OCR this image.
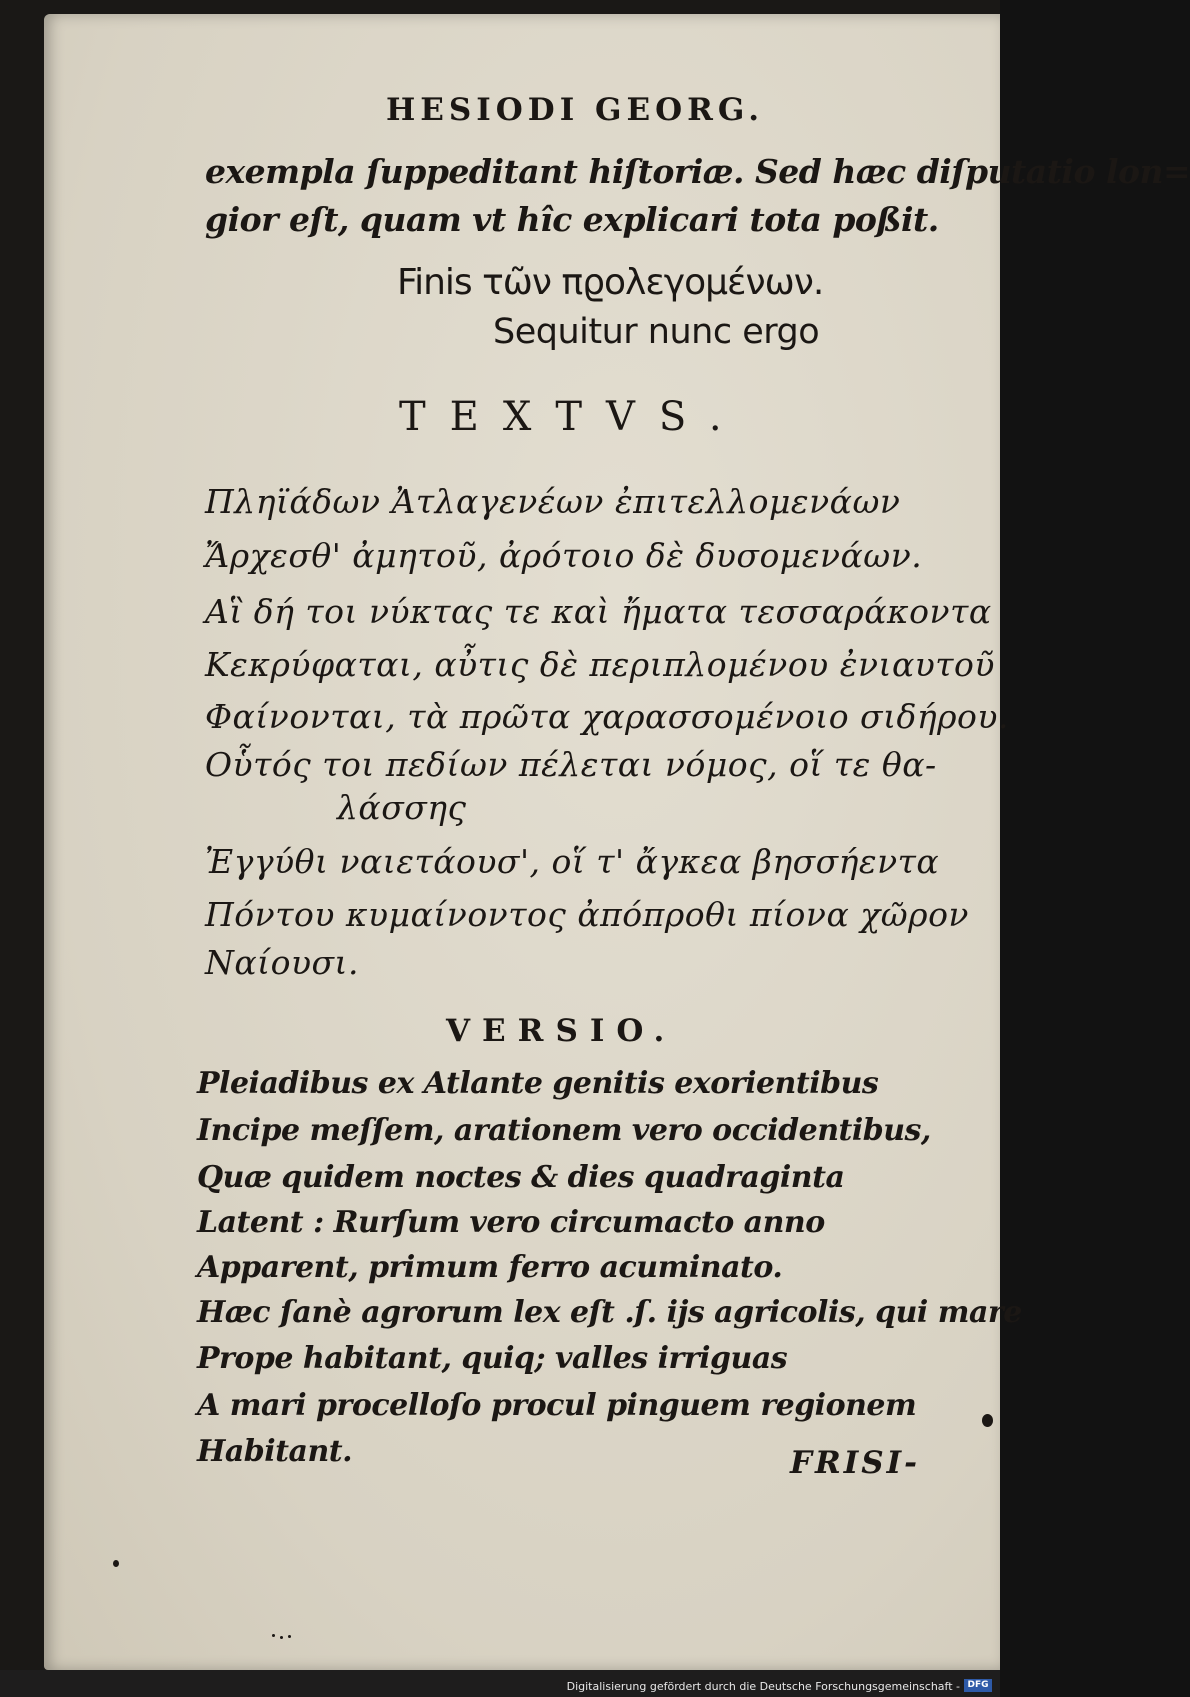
HESIODI GEORG.
exempla ſuppeditant hiſtoriæ. Sed hæc diſputatio lon=
gior eſt, quam vt hîc explicari tota poßit.
Finis τῶν πϱολεγομένων.
Sequitur nunc ergo
TEXTVS.
Πληϊάδων Ἀτλαγενέων ἐπιτελλομενάων
Ἄρχεσθ' ἀμητοῦ, ἀρότοιο δὲ δυσομενάων.
Αἳ δή τοι νύκτας τε καὶ ἤματα τεσσαράκοντα
Κεκρύφαται, αὖτις δὲ περιπλομένου ἐνιαυτοῦ
Φαίνονται, τὰ πρῶτα χαρασσομένοιο σιδήρου.
Οὗτός τοι πεδίων πέλεται νόμος, οἵ τε θα-
λάσσης
Ἐγγύθι ναιετάουσ', οἵ τ' ἄγκεα βησσήεντα
Πόντου κυμαίνοντος ἀπόπροθι πίονα χῶρον
Ναίουσι.
VERSIO.
Pleiadibus ex Atlante genitis exorientibus
Incipe meſſem, arationem vero occidentibus,
Quæ quidem noctes & dies quadraginta
Latent : Rurſum vero circumacto anno
Apparent, primum ferro acuminato.
Hæc ſanè agrorum lex eſt .ſ. ijs agricolis, qui mare
Prope habitant, quiq; valles irriguas
A mari procelloſo procul pinguem regionem
Habitant.	FRISI-
Digitalisierung gefördert durch die Deutsche Forschungsgemeinschaft - DFG
